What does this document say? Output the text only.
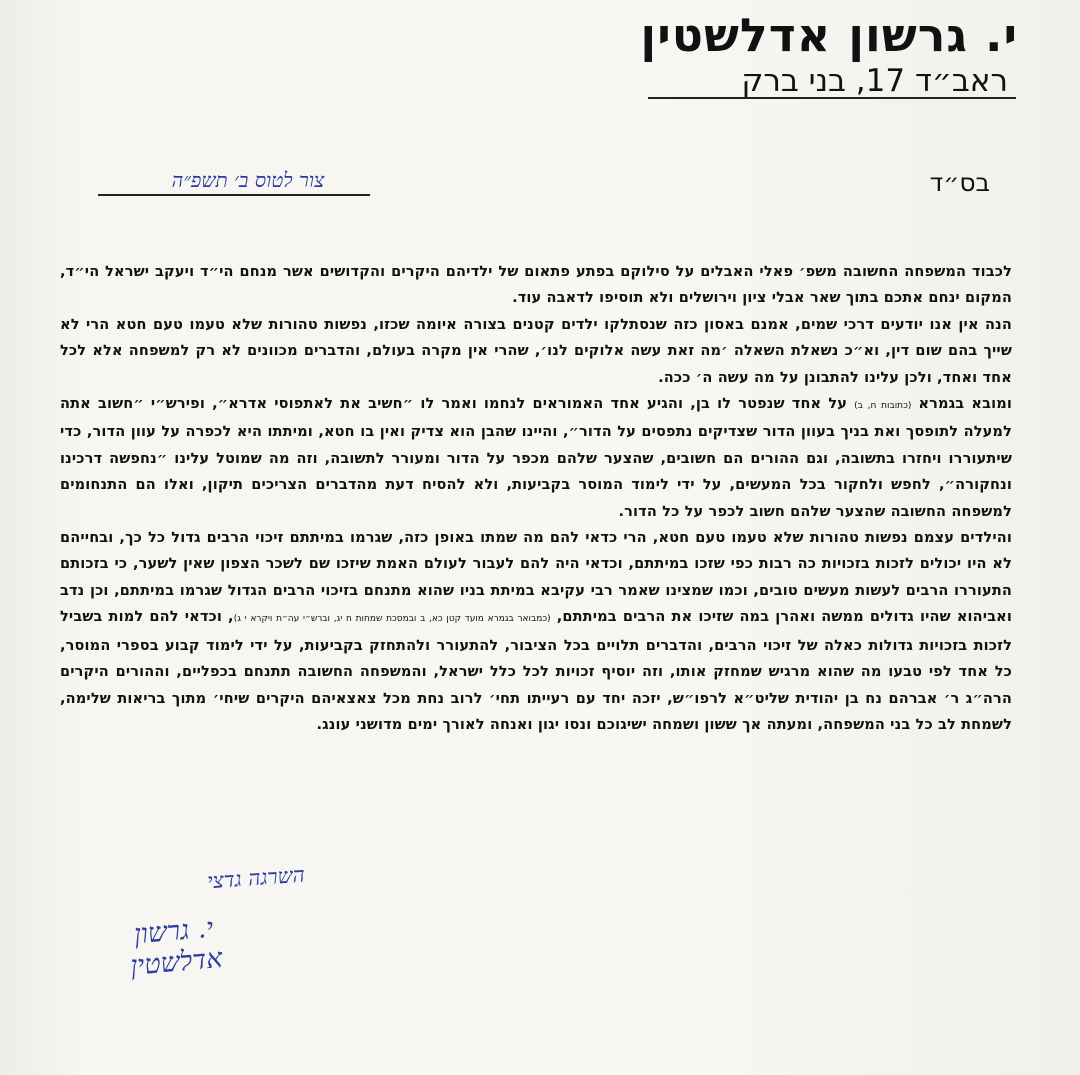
י. גרשון אדלשטין
ראב״ד 17, בני ברק
בס״ד
צור לטוס ב׳ תשפ״ה

לכבוד המשפחה החשובה משפ׳ פאלי האבלים על סילוקם בפתע פתאום של ילדיהם היקרים והקדושים אשר מנחם הי״ד ויעקב ישראל הי״ד, המקום ינחם אתכם בתוך שאר אבלי ציון וירושלים ולא תוסיפו לדאבה עוד.

הנה אין אנו יודעים דרכי שמים, אמנם באסון כזה שנסתלקו ילדים קטנים בצורה איומה שכזו, נפשות טהורות שלא טעמו טעם חטא הרי לא שייך בהם שום דין, וא״כ נשאלת השאלה ׳מה זאת עשה אלוקים לנו׳, שהרי אין מקרה בעולם, והדברים מכוונים לא רק למשפחה אלא לכל אחד ואחד, ולכן עלינו להתבונן על מה עשה ה׳ ככה.

ומובא בגמרא (כתובות ח, ב) על אחד שנפטר לו בן, והגיע אחד האמוראים לנחמו ואמר לו ״חשיב את לאתפוסי אדרא״, ופירש״י ״חשוב אתה למעלה לתופסך ואת בניך בעוון הדור שצדיקים נתפסים על הדור״, והיינו שהבן הוא צדיק ואין בו חטא, ומיתתו היא לכפרה על עוון הדור, כדי שיתעוררו ויחזרו בתשובה, וגם ההורים הם חשובים, שהצער שלהם מכפר על הדור ומעורר לתשובה, וזה מה שמוטל עלינו ״נחפשה דרכינו ונחקורה״, לחפש ולחקור בכל המעשים, על ידי לימוד המוסר בקביעות, ולא להסיח דעת מהדברים הצריכים תיקון, ואלו הם התנחומים למשפחה החשובה שהצער שלהם חשוב לכפר על כל הדור.

והילדים עצמם נפשות טהורות שלא טעמו טעם חטא, הרי כדאי להם מה שמתו באופן כזה, שגרמו במיתתם זיכוי הרבים גדול כל כך, ובחייהם לא היו יכולים לזכות בזכויות כה רבות כפי שזכו במיתתם, וכדאי היה להם לעבור לעולם האמת שיזכו שם לשכר הצפון שאין לשער, כי בזכותם התעוררו הרבים לעשות מעשים טובים, וכמו שמצינו שאמר רבי עקיבא במיתת בניו שהוא מתנחם בזיכוי הרבים הגדול שגרמו במיתתם, וכן נדב ואביהוא שהיו גדולים ממשה ואהרן במה שזיכו את הרבים במיתתם, (כמבואר בגמרא מועד קטן כא, ב ובמסכת שמחות ח יג, וברש״י עה״ת ויקרא י ג), וכדאי להם למות בשביל לזכות בזכויות גדולות כאלה של זיכוי הרבים, והדברים תלויים בכל הציבור, להתעורר ולהתחזק בקביעות, על ידי לימוד קבוע בספרי המוסר, כל אחד לפי טבעו מה שהוא מרגיש שמחזק אותו, וזה יוסיף זכויות לכל כלל ישראל, והמשפחה החשובה תתנחם בכפליים, וההורים היקרים הרה״ג ר׳ אברהם נח בן יהודית שליט״א לרפו״ש, יזכה יחד עם רעייתו תחי׳ לרוב נחת מכל צאצאיהם היקרים שיחי׳ מתוך בריאות שלימה, לשמחת לב כל בני המשפחה, ומעתה אך ששון ושמחה ישיגוכם ונסו יגון ואנחה לאורך ימים מדושני עונג.

השרגה גדצי
י. גרשון אדלשטין
